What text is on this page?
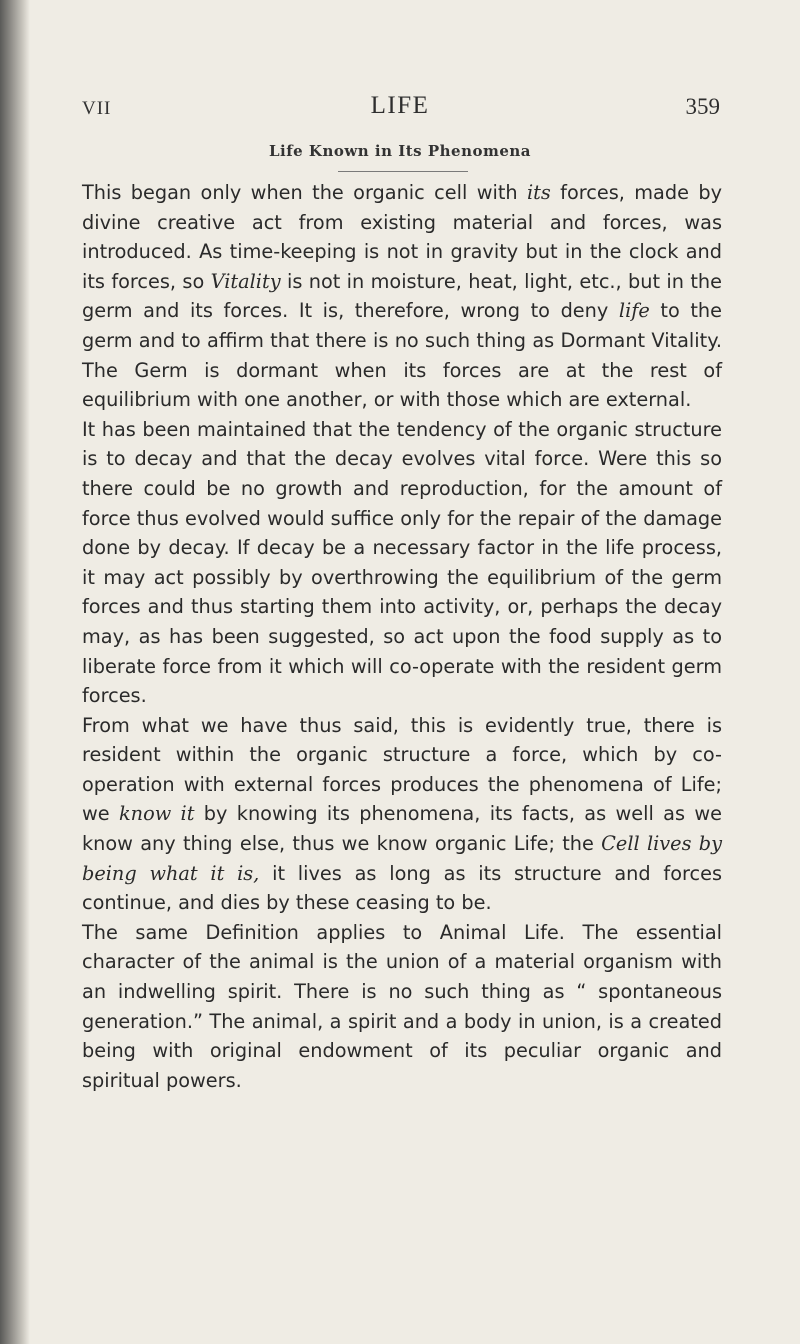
VII	LIFE	359
Life Known in Its Phenomena

This began only when the organic cell with its forces, made by divine creative act from existing material and forces, was introduced. As time-keeping is not in gravity but in the clock and its forces, so Vitality is not in moisture, heat, light, etc., but in the germ and its forces. It is, therefore, wrong to deny life to the germ and to affirm that there is no such thing as Dormant Vitality. The Germ is dormant when its forces are at the rest of equilibrium with one another, or with those which are external.

It has been maintained that the tendency of the organic structure is to decay and that the decay evolves vital force. Were this so there could be no growth and reproduction, for the amount of force thus evolved would suffice only for the repair of the damage done by decay. If decay be a necessary factor in the life process, it may act possibly by overthrowing the equilibrium of the germ forces and thus starting them into activity, or, perhaps the decay may, as has been suggested, so act upon the food supply as to liberate force from it which will co-operate with the resident germ forces.

From what we have thus said, this is evidently true, there is resident within the organic structure a force, which by co-operation with external forces produces the phenomena of Life; we know it by knowing its phenomena, its facts, as well as we know any thing else, thus we know organic Life; the Cell lives by being what it is, it lives as long as its structure and forces continue, and dies by these ceasing to be.

The same Definition applies to Animal Life. The essential character of the animal is the union of a material organism with an indwelling spirit. There is no such thing as “ spontaneous generation.” The animal, a spirit and a body in union, is a created being with original endowment of its peculiar organic and spiritual powers.
